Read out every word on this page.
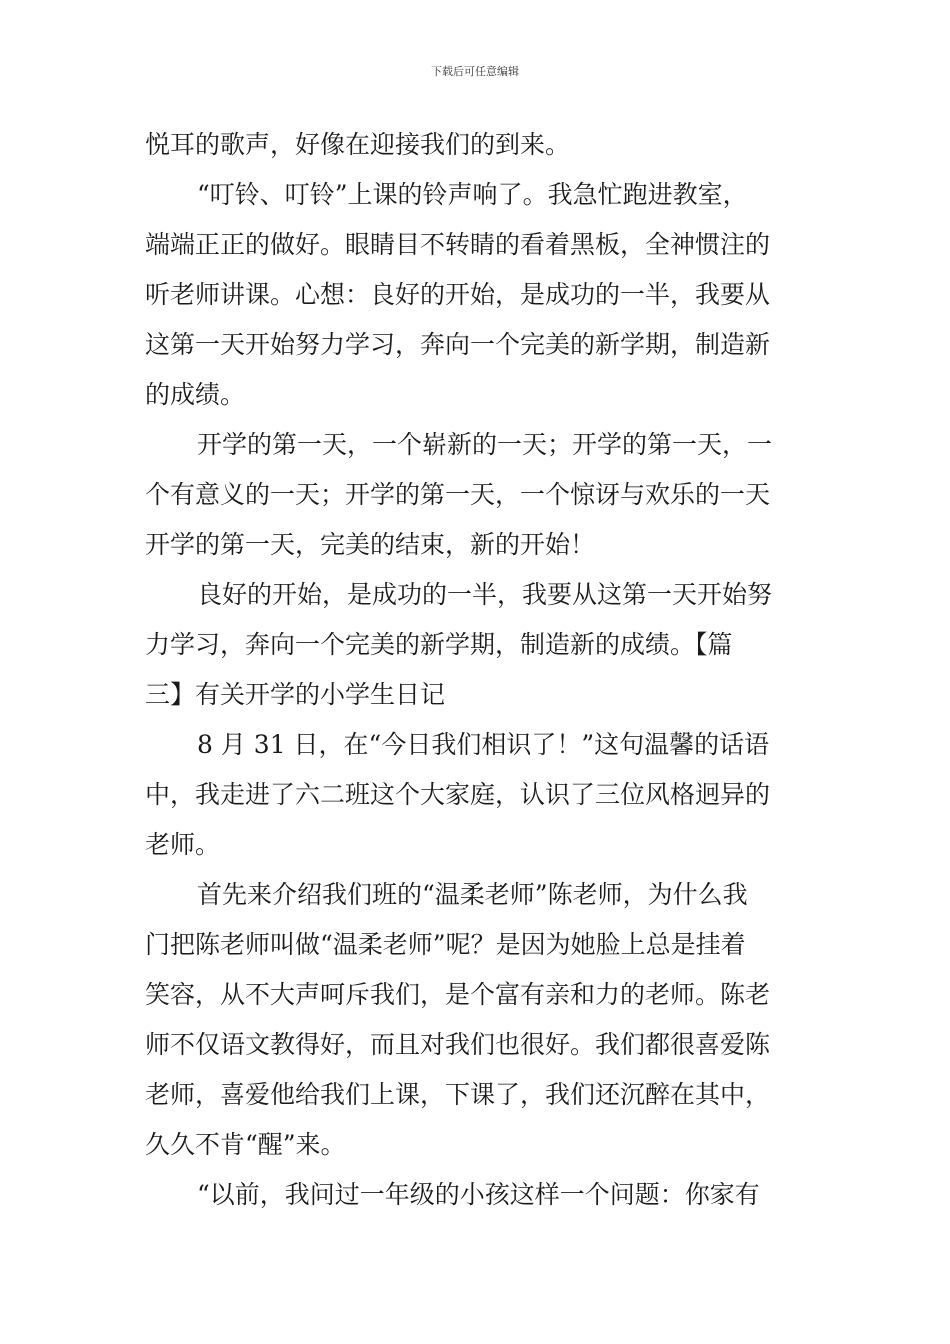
下载后可任意编辑
悦耳的歌声，好像在迎接我们的到来。
“叮铃、叮铃”上课的铃声响了。我急忙跑进教室，
端端正正的做好。眼睛目不转睛的看着黑板，全神惯注的
听老师讲课。心想：良好的开始，是成功的一半，我要从
这第一天开始努力学习，奔向一个完美的新学期，制造新
的成绩。
开学的第一天，一个崭新的一天；开学的第一天，一
个有意义的一天；开学的第一天，一个惊讶与欢乐的一天
开学的第一天，完美的结束，新的开始！
良好的开始，是成功的一半，我要从这第一天开始努
力学习，奔向一个完美的新学期，制造新的成绩。【篇
三】有关开学的小学生日记
8 月 31 日，在“今日我们相识了！”这句温馨的话语
中，我走进了六二班这个大家庭，认识了三位风格迥异的
老师。
首先来介绍我们班的“温柔老师”陈老师，为什么我
门把陈老师叫做“温柔老师”呢？是因为她脸上总是挂着
笑容，从不大声呵斥我们，是个富有亲和力的老师。陈老
师不仅语文教得好，而且对我们也很好。我们都很喜爱陈
老师，喜爱他给我们上课，下课了，我们还沉醉在其中，
久久不肯“醒”来。
“以前，我问过一年级的小孩这样一个问题：你家有
